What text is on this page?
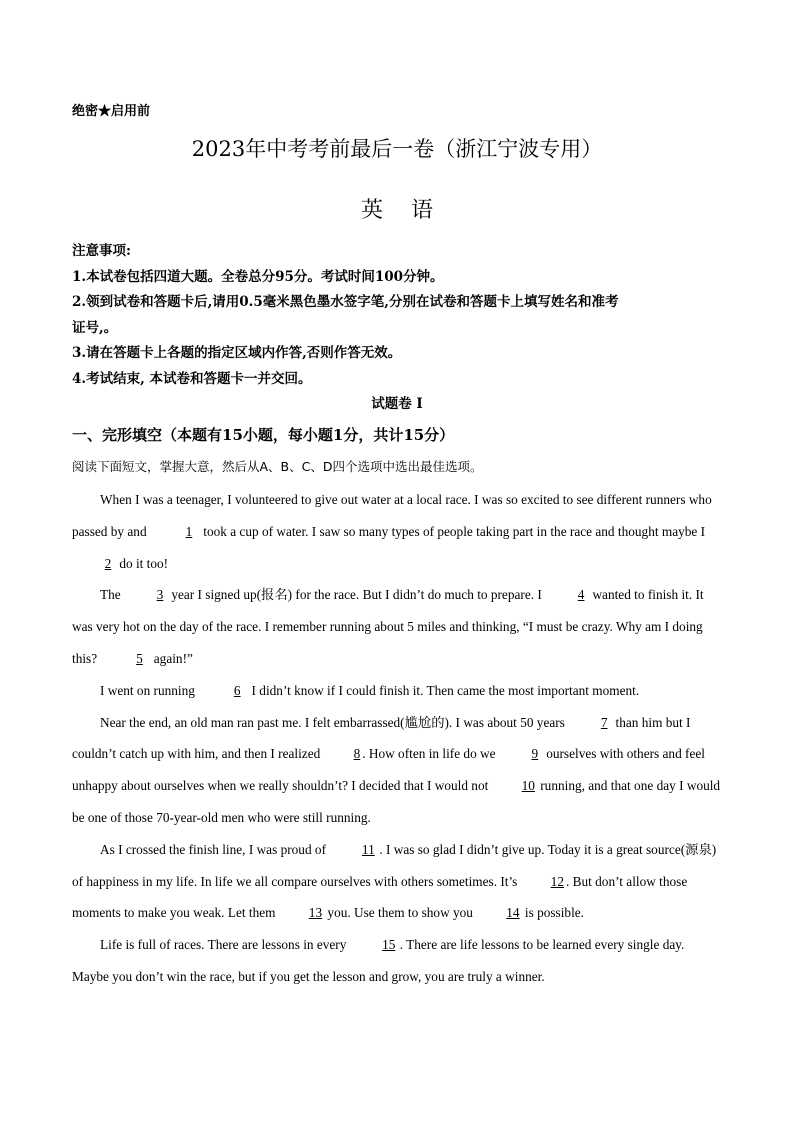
绝密★启用前
2023年中考考前最后一卷（浙江宁波专用）
英语
注意事项:
1.本试卷包括四道大题。全卷总分95分。考试时间100分钟。
2.领到试卷和答题卡后,请用0.5毫米黑色墨水签字笔,分别在试卷和答题卡上填写姓名和准考
证号,。
3.请在答题卡上各题的指定区域内作答,否则作答无效。
4.考试结束, 本试卷和答题卡一并交回。
试题卷 I
一、完形填空（本题有15小题，每小题1分，共计15分）
阅读下面短文，掌握大意，然后从A、B、C、D四个选项中选出最佳选项。

When I was a teenager, I volunteered to give out water at a local race. I was so excited to see different runners who passed by and	1 took a cup of water. I saw so many types of people taking part in the race and thought maybe I 2 do it too!

The 3 year I signed up(报名) for the race. But I didn’t do much to prepare. I 4 wanted to finish it. It was very hot on the day of the race. I remember running about 5 miles and thinking, “I must be crazy. Why am I doing this?	5 again!”

I went on running	6 I didn’t know if I could finish it. Then came the most important moment.

Near the end, an old man ran past me. I felt embarrassed(尴尬的). I was about 50 years 7 than him but I couldn’t catch up with him, and then I realized 8 . How often in life do we 9 ourselves with others and feel unhappy about ourselves when we really shouldn’t? I decided that I would not 10 running, and that one day I would be one of those 70-year-old men who were still running.

As I crossed the finish line, I was proud of 11 . I was so glad I didn’t give up. Today it is a great source(源泉) of happiness in my life. In life we all compare ourselves with others sometimes. It’s 12 . But don’t allow those moments to make you weak. Let them 13 you. Use them to show you 14 is possible.

Life is full of races. There are lessons in every 15 . There are life lessons to be learned every single day. Maybe you don’t win the race, but if you get the lesson and grow, you are truly a winner.
